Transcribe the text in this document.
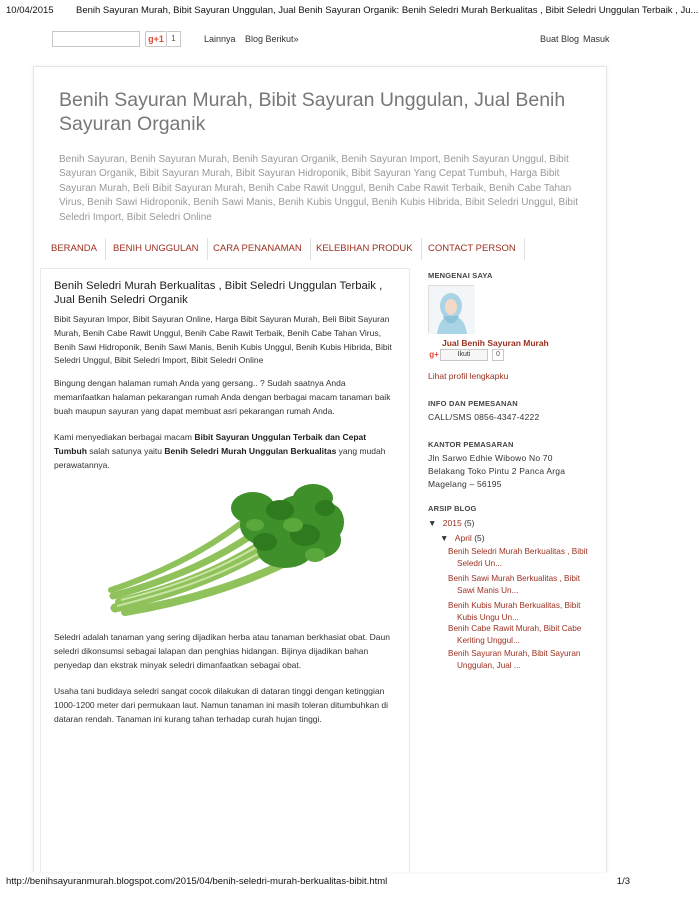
10/04/2015 Benih Sayuran Murah, Bibit Sayuran Unggulan, Jual Benih Sayuran Organik: Benih Seledri Murah Berkualitas , Bibit Seledri Unggulan Terbaik , Ju...
g+1 1	Lainnya Blog Berikut»	Buat Blog Masuk
Benih Sayuran Murah, Bibit Sayuran Unggulan, Jual Benih Sayuran Organik
Benih Sayuran, Benih Sayuran Murah, Benih Sayuran Organik, Benih Sayuran Import, Benih Sayuran Unggul, Bibit Sayuran Organik, Bibit Sayuran Murah, Bibit Sayuran Hidroponik, Bibit Sayuran Yang Cepat Tumbuh, Harga Bibit Sayuran Murah, Beli Bibit Sayuran Murah, Benih Cabe Rawit Unggul, Benih Cabe Rawit Terbaik, Benih Cabe Tahan Virus, Benih Sawi Hidroponik, Benih Sawi Manis, Benih Kubis Unggul, Benih Kubis Hibrida, Bibit Seledri Unggul, Bibit Seledri Import, Bibit Seledri Online
BERANDA	BENIH UNGGULAN	CARA PENANAMAN	KELEBIHAN PRODUK	CONTACT PERSON
Benih Seledri Murah Berkualitas , Bibit Seledri Unggulan Terbaik , Jual Benih Seledri Organik
Bibit Sayuran Impor, Bibit Sayuran Online, Harga Bibit Sayuran Murah, Beli Bibit Sayuran Murah, Benih Cabe Rawit Unggul, Benih Cabe Rawit Terbaik, Benih Cabe Tahan Virus, Benih Sawi Hidroponik, Benih Sawi Manis, Benih Kubis Unggul, Benih Kubis Hibrida, Bibit Seledri Unggul, Bibit Seledri Import, Bibit Seledri Online
Bingung dengan halaman rumah Anda yang gersang.. ? Sudah saatnya Anda memanfaatkan halaman pekarangan rumah Anda dengan berbagai macam tanaman baik buah maupun sayuran yang dapat membuat asri pekarangan rumah Anda.
Kami menyediakan berbagai macam Bibit Sayuran Unggulan Terbaik dan Cepat Tumbuh salah satunya yaitu Benih Seledri Murah Unggulan Berkualitas yang mudah perawatannya.
Seledri adalah tanaman yang sering dijadikan herba atau tanaman berkhasiat obat. Daun seledri dikonsumsi sebagai lalapan dan penghias hidangan. Bijinya dijadikan bahan penyedap dan ekstrak minyak seledri dimanfaatkan sebagai obat.
Usaha tani budidaya seledri sangat cocok dilakukan di dataran tinggi dengan ketinggian 1000-1200 meter dari permukaan laut. Namun tanaman ini masih toleran ditumbuhkan di dataran rendah. Tanaman ini kurang tahan terhadap curah hujan tinggi.
MENGENAI SAYA
Jual Benih Sayuran Murah
g+	Ikuti	0
Lihat profil lengkapku
INFO DAN PEMESANAN
CALL/SMS 0856-4347-4222
KANTOR PEMASARAN
Jln Sarwo Edhie Wibowo No 70
Belakang Toko Pintu 2 Panca Arga
Magelang – 56195
ARSIP BLOG
▼ 2015 (5)
▼ April (5)
Benih Seledri Murah Berkualitas , Bibit Seledri Un...
Benih Sawi Murah Berkualitas , Bibit Sawi Manis Un...
Benih Kubis Murah Berkualitas, Bibit Kubis Ungu Un...
Benih Cabe Rawit Murah, Bibit Cabe Keriting Unggul...
Benih Sayuran Murah, Bibit Sayuran Unggulan, Jual ...
http://benihsayuranmurah.blogspot.com/2015/04/benih-seledri-murah-berkualitas-bibit.html	1/3
